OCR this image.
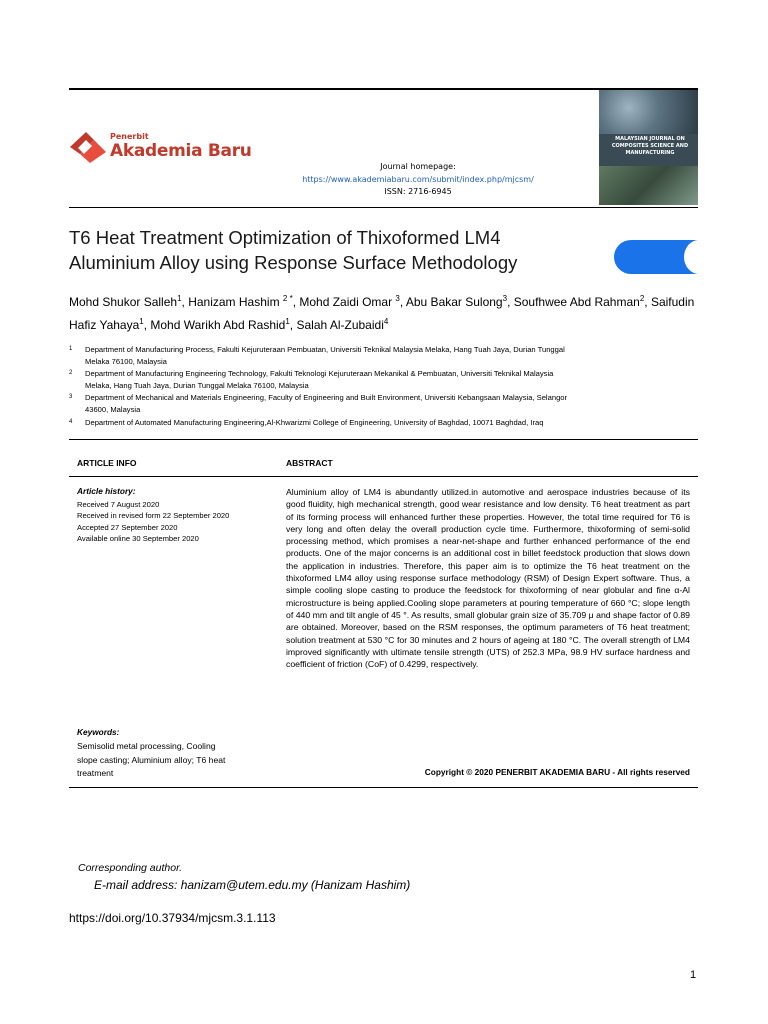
Penerbit
Akademia Baru
Journal homepage:
https://www.akademiabaru.com/submit/index.php/mjcsm/
ISSN: 2716-6945
MALAYSIAN JOURNAL ON COMPOSITES SCIENCE AND MANUFACTURING
T6 Heat Treatment Optimization of Thixoformed LM4
Aluminium Alloy using Response Surface Methodology
Mohd Shukor Salleh$^1$, Hanizam Hashim $^{2 *}$, Mohd Zaidi Omar $^3$, Abu Bakar Sulong$^3$, Soufhwee Abd Rahman$^2$, Saifudin Hafiz Yahaya$^1$, Mohd Warikh Abd Rashid$^1$, Salah Al-Zubaidi$^4$
1 Department of Manufacturing Process, Fakulti Kejuruteraan Pembuatan, Universiti Teknikal Malaysia Melaka, Hang Tuah Jaya, Durian Tunggal
Melaka 76100, Malaysia
2 Department of Manufacturing Engineering Technology, Fakulti Teknologi Kejuruteraan Mekanikal & Pembuatan, Universiti Teknikal Malaysia
Melaka, Hang Tuah Jaya, Durian Tunggal Melaka 76100, Malaysia
3 Department of Mechanical and Materials Engineering, Faculty of Engineering and Built Environment, Universiti Kebangsaan Malaysia, Selangor
43600, Malaysia
4 Department of Automated Manufacturing Engineering,Al-Khwarizmi College of Engineering, University of Baghdad, 10071 Baghdad, Iraq
ARTICLE INFO	ABSTRACT
Article history:
Received 7 August 2020
Received in revised form 22 September 2020
Accepted 27 September 2020
Available online 30 September 2020
Keywords:
Semisolid metal processing, Cooling
slope casting; Aluminium alloy; T6 heat
treatment
Aluminium alloy of LM4 is abundantly utilized.in automotive and aerospace industries because of its good fluidity, high mechanical strength, good wear resistance and low density. T6 heat treatment as part of its forming process will enhanced further these properties. However, the total time required for T6 is very long and often delay the overall production cycle time. Furthermore, thixoforming of semi-solid processing method, which promises a near-net-shape and further enhanced performance of the end products. One of the major concerns is an additional cost in billet feedstock production that slows down the application in industries. Therefore, this paper aim is to optimize the T6 heat treatment on the thixoformed LM4 alloy using response surface methodology (RSM) of Design Expert software. Thus, a simple cooling slope casting to produce the feedstock for thixoforming of near globular and fine α-Al microstructure is being applied.Cooling slope parameters at pouring temperature of 660 °C; slope length of 440 mm and tilt angle of 45 °. As results, small globular grain size of 35.709 μ and shape factor of 0.89 are obtained. Moreover, based on the RSM responses, the optimum parameters of T6 heat treatment; solution treatment at 530 °C for 30 minutes and 2 hours of ageing at 180 °C. The overall strength of LM4 improved significantly with ultimate tensile strength (UTS) of 252.3 MPa, 98.9 HV surface hardness and coefficient of friction (CoF) of 0.4299, respectively.
Copyright © 2020 PENERBIT AKADEMIA BARU - All rights reserved
Corresponding author.
E-mail address: hanizam@utem.edu.my (Hanizam Hashim)
https://doi.org/10.37934/mjcsm.3.1.113
1
